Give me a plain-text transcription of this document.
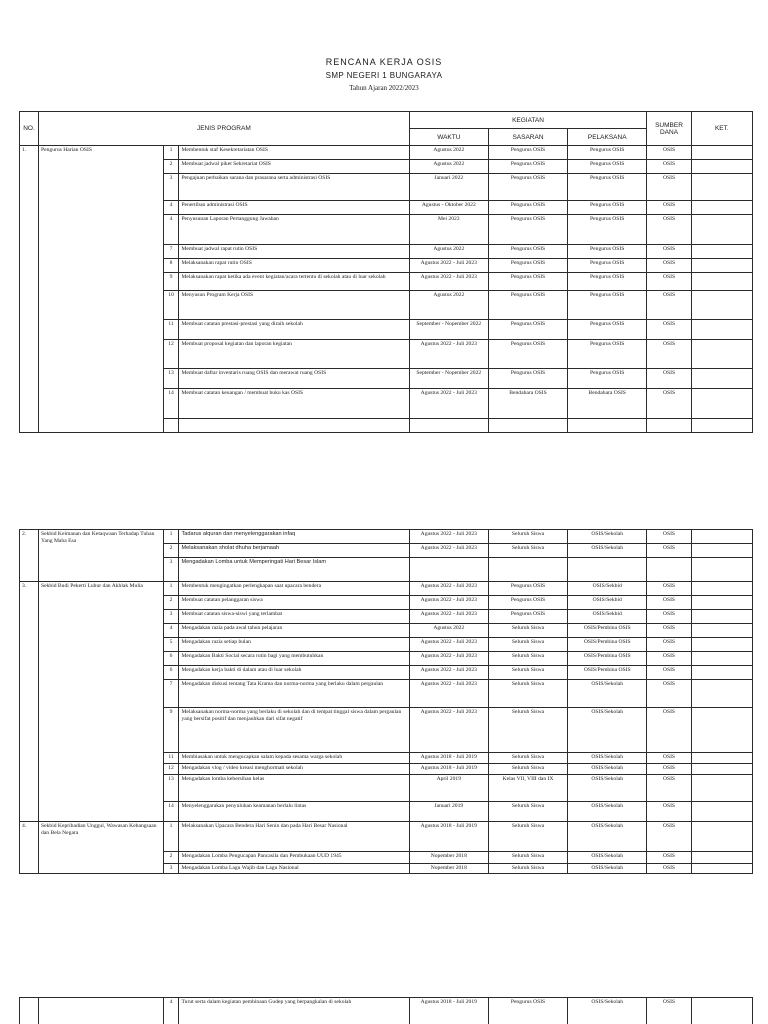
RENCANA KERJA OSIS
SMP NEGERI 1 BUNGARAYA
Tahun Ajaran 2022/2023
NO.	JENIS PROGRAM			KEGIATAN			SUMBER DANA	KET.
				WAKTU	SASARAN	PELAKSANA		
1.	Pengurus Harian OSIS	1	Membentuk staf Kesekretariatan OSIS	Agustus 2022	Pengurus OSIS	Pengurus OSIS	OSIS	
		2	Membuat jadwal piket Sekretariat OSIS	Agustus 2022	Pengurus OSIS	Pengurus OSIS	OSIS	
		3	Pengajuan perbaikan sarana dan prasarana serta administrasi OSIS	Januari 2022	Pengurus OSIS	Pengurus OSIS	OSIS	
		4	Penertiban administrasi OSIS	Agustus - Oktober 2022	Pengurus OSIS	Pengurus OSIS	OSIS	
		4	Penyusunan Laporan Pertanggung Jawaban	Mei 2023	Pengurus OSIS	Pengurus OSIS	OSIS	
		7	Membuat jadwal rapat rutin OSIS	Agustus 2022	Pengurus OSIS	Pengurus OSIS	OSIS	
		8	Melaksanakan rapat rutin OSIS	Agustus 2022 - Juli 2023	Pengurus OSIS	Pengurus OSIS	OSIS	
		9	Melaksanakan rapat ketika ada event kegiatan/acara tertentu di sekolah atau di luar sekolah	Agustus 2022 - Juli 2023	Pengurus OSIS	Pengurus OSIS	OSIS	
		10	Menyusun Program Kerja OSIS	Agustus 2022	Pengurus OSIS	Pengurus OSIS	OSIS	
		11	Membuat catatan prestasi-prestasi yang diraih sekolah	September - Nopember 2022	Pengurus OSIS	Pengurus OSIS	OSIS	
		12	Membuat proposal kegiatan dan laporan kegiatan	Agustus 2022 - Juli 2023	Pengurus OSIS	Pengurus OSIS	OSIS	
		13	Membuat daftar inventaris ruang OSIS dan merawat ruang OSIS	September - Nopember 2022	Pengurus OSIS	Pengurus OSIS	OSIS	
		14	Membuat catatan keuangan / membuat buku kas OSIS	Agustus 2022 - Juli 2023	Bendahara OSIS	Bendahara OSIS	OSIS	

2.	Sekbid Keimanan dan Ketaqwaan Terhadap Tuhan Yang Maha Esa	1	Tadarus alquran dan menyelenggarakan infaq	Agustus 2022 - Juli 2023	Seluruh Siswa	OSIS/Sekolah	OSIS	
		2	Melaksanakan sholat dhuha berjamaah	Agustus 2022 - Juli 2023	Seluruh Siswa	OSIS/Sekolah	OSIS	
		3	Mengadakan Lomba untuk Memperingati Hari Besar Islam					
3.	Sekbid Budi Pekerti Luhur dan Akhlak Mulia	1	Membentuk mengingatkan perlengkapan saat upacara bendera	Agustus 2022 - Juli 2023	Pengurus OSIS	OSIS/Sekbid	OSIS	
		2	Membuat catatan pelanggaran siswa	Agustus 2022 - Juli 2023	Pengurus OSIS	OSIS/Sekbid	OSIS	
		3	Membuat catatan siswa-siswi yang terlambat	Agustus 2022 - Juli 2023	Pengurus OSIS	OSIS/Sekbid	OSIS	
		4	Mengadakan razia pada awal tahun pelajaran	Agustus 2022	Seluruh Siswa	OSIS/Pembina OSIS	OSIS	
		5	Mengadakan razia setiap bulan	Agustus 2022 - Juli 2023	Seluruh Siswa	OSIS/Pembina OSIS	OSIS	
		6	Mengadakan Bakti Social secara rutin bagi yang membutuhkan	Agustus 2022 - Juli 2023	Seluruh Siswa	OSIS/Pembina OSIS	OSIS	
		6	Mengadakan kerja bakti di dalam atau di luar sekolah	Agustus 2022 - Juli 2023	Seluruh Siswa	OSIS/Pembina OSIS	OSIS	
		7	Mengadakan diskusi tentang Tata Krama dan norma-norma yang berlaku dalam pergaulan	Agustus 2022 - Juli 2023	Seluruh Siswa	OSIS/Sekolah	OSIS	
		9	Melaksanakan norma-norma yang berlaku di sekolah dan di tempat tinggal siswa dalam pergaulan yang bersifat positif dan menjauhkan dari sifat negatif	Agustus 2022 - Juli 2023	Seluruh Siswa	OSIS/Sekolah	OSIS	
		11	Membiasakan untuk mengucapkan salam kepada sesama warga sekolah	Agustus 2018 - Juli 2019	Seluruh Siswa	OSIS/Sekolah	OSIS	
		12	Mengadakan vlog / video kreasi menghormati sekolah	Agustus 2018 - Juli 2019	Seluruh Siswa	OSIS/Sekolah	OSIS	
		13	Mengadakan lomba kebersihan kelas	April 2019	Kelas VII, VIII dan IX	OSIS/Sekolah	OSIS	
		14	Menyelenggarakan penyuluhan keamanan berlalu lintas	Januari 2019	Seluruh Siswa	OSIS/Sekolah	OSIS	
4.	Sekbid Kepribadian Unggul, Wawasan Kebangsaan dan Bela Negara	1	Melaksanakan Upacara Bendera Hari Senin dan pada Hari Besar Nasional	Agustus 2018 - Juli 2019	Seluruh Siswa	OSIS/Sekolah	OSIS	
		2	Mengadakan Lomba Pengucapan Pancasila dan Pembukaan UUD 1945	Nopember 2018	Seluruh Siswa	OSIS/Sekolah	OSIS	
		3	Mengadakan Lomba Lagu Wajib dan Lagu Nasional	Nopember 2018	Seluruh Siswa	OSIS/Sekolah	OSIS	
		4	Turut serta dalam kegiatan pembinaan Gudep yang berpangkalan di sekolah	Agustus 2018 - Juli 2019	Pengurus OSIS	OSIS/Sekolah	OSIS	
